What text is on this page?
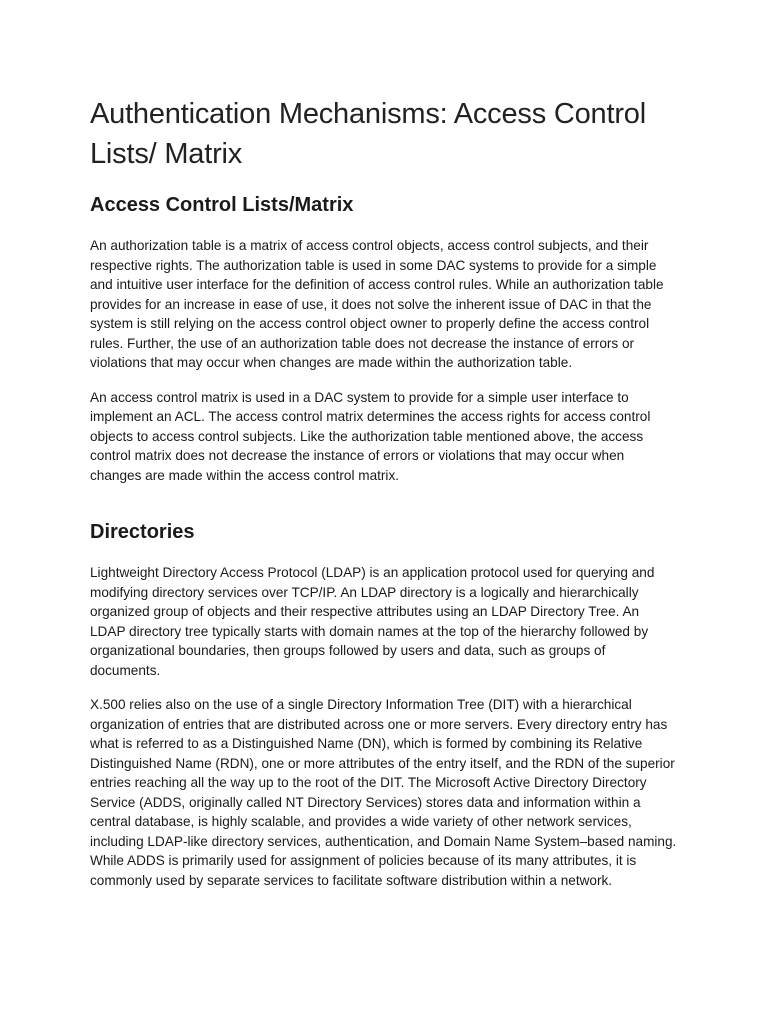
Authentication Mechanisms: Access Control Lists/ Matrix
Access Control Lists/Matrix

An authorization table is a matrix of access control objects, access control subjects, and their respective rights. The authorization table is used in some DAC systems to provide for a simple and intuitive user interface for the definition of access control rules. While an authorization table provides for an increase in ease of use, it does not solve the inherent issue of DAC in that the system is still relying on the access control object owner to properly define the access control rules. Further, the use of an authorization table does not decrease the instance of errors or violations that may occur when changes are made within the authorization table.

An access control matrix is used in a DAC system to provide for a simple user interface to implement an ACL. The access control matrix determines the access rights for access control objects to access control subjects. Like the authorization table mentioned above, the access control matrix does not decrease the instance of errors or violations that may occur when changes are made within the access control matrix.

Directories

Lightweight Directory Access Protocol (LDAP) is an application protocol used for querying and modifying directory services over TCP/IP. An LDAP directory is a logically and hierarchically organized group of objects and their respective attributes using an LDAP Directory Tree. An LDAP directory tree typically starts with domain names at the top of the hierarchy followed by organizational boundaries, then groups followed by users and data, such as groups of documents.

X.500 relies also on the use of a single Directory Information Tree (DIT) with a hierarchical organization of entries that are distributed across one or more servers. Every directory entry has what is referred to as a Distinguished Name (DN), which is formed by combining its Relative Distinguished Name (RDN), one or more attributes of the entry itself, and the RDN of the superior entries reaching all the way up to the root of the DIT. The Microsoft Active Directory Directory Service (ADDS, originally called NT Directory Services) stores data and information within a central database, is highly scalable, and provides a wide variety of other network services, including LDAP-like directory services, authentication, and Domain Name System–based naming. While ADDS is primarily used for assignment of policies because of its many attributes, it is commonly used by separate services to facilitate software distribution within a network.
